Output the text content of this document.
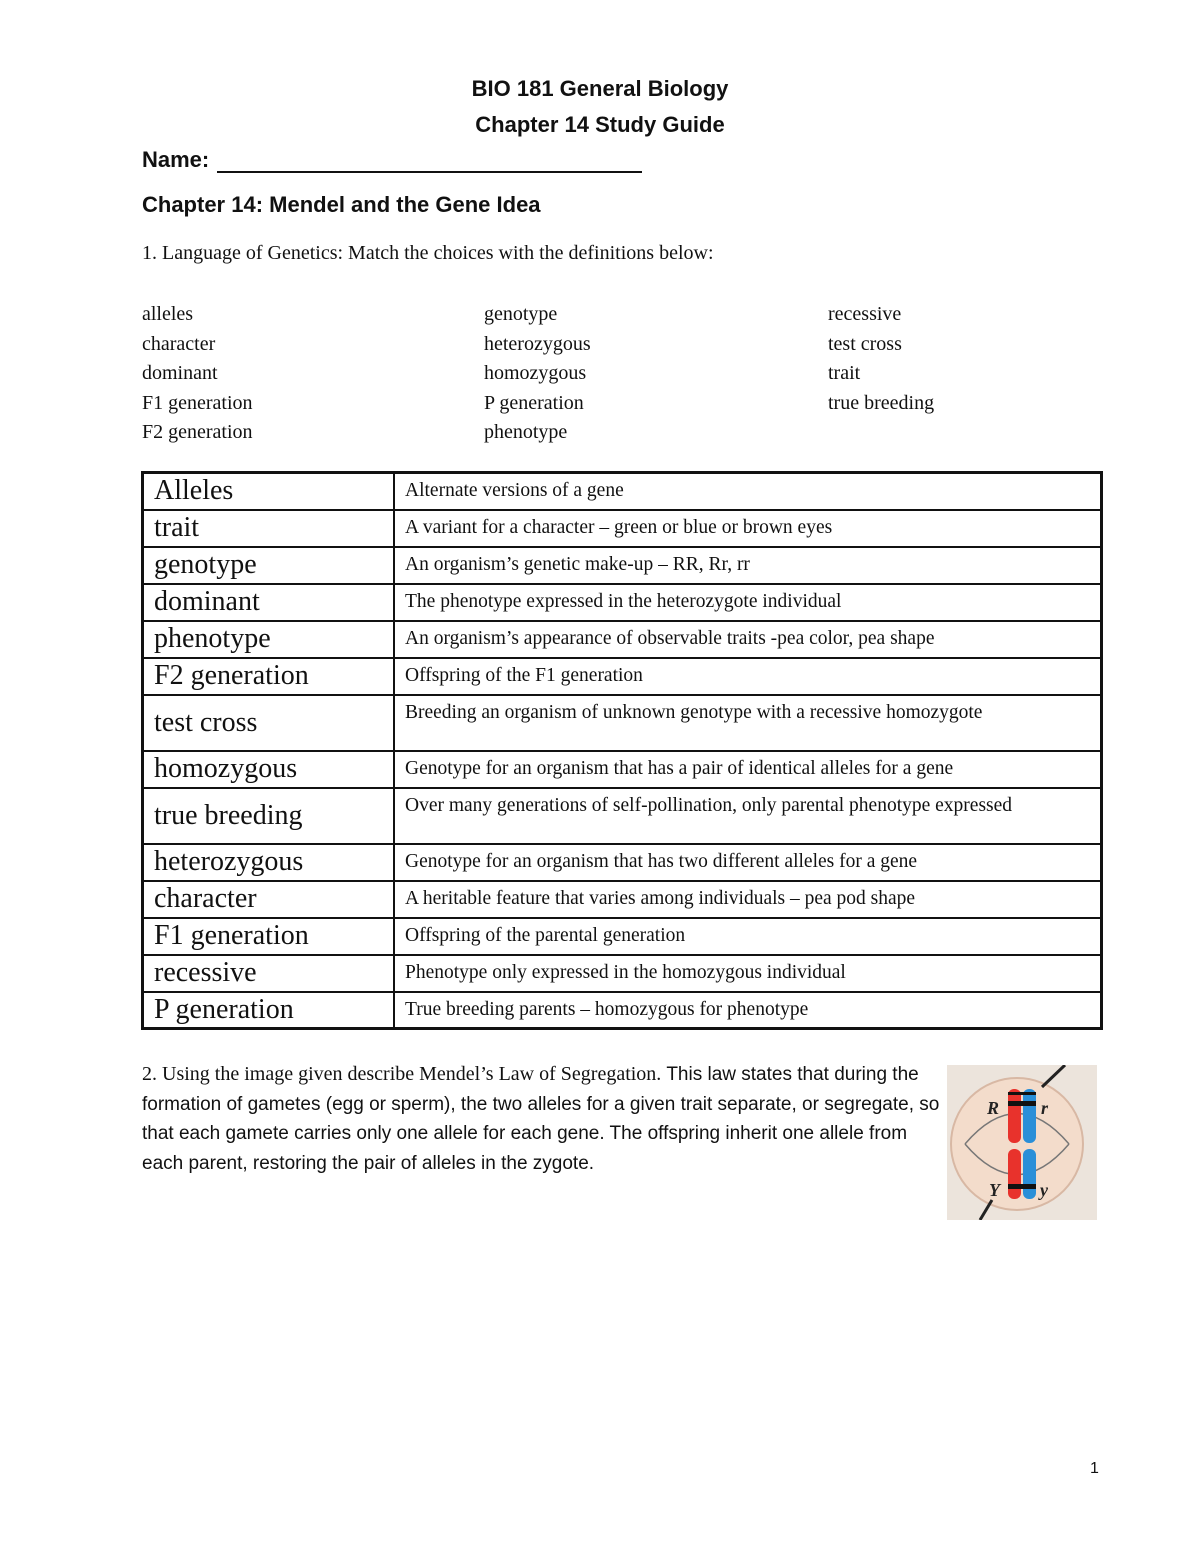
BIO 181 General Biology
Chapter 14 Study Guide
Name:
Chapter 14: Mendel and the Gene Idea
1. Language of Genetics: Match the choices with the definitions below:
alleles
character
dominant
F1 generation
F2 generation
genotype
heterozygous
homozygous
P generation
phenotype
recessive
test cross
trait
true breeding
Alleles	Alternate versions of a gene
trait	A variant for a character – green or blue or brown eyes
genotype	An organism’s genetic make-up – RR, Rr, rr
dominant	The phenotype expressed in the heterozygote individual
phenotype	An organism’s appearance of observable traits -pea color, pea shape
F2 generation	Offspring of the F1 generation
test cross	Breeding an organism of unknown genotype with a recessive homozygote
homozygous	Genotype for an organism that has a pair of identical alleles for a gene
true breeding	Over many generations of self-pollination, only parental phenotype expressed
heterozygous	Genotype for an organism that has two different alleles for a gene
character	A heritable feature that varies among individuals – pea pod shape
F1 generation	Offspring of the parental generation
recessive	Phenotype only expressed in the homozygous individual
P generation	True breeding parents – homozygous for phenotype
2. Using the image given describe Mendel’s Law of Segregation. This law states that during the formation of gametes (egg or sperm), the two alleles for a given trait separate, or segregate, so that each gamete carries only one allele for each gene. The offspring inherit one allele from each parent, restoring the pair of alleles in the zygote.
R r
Y y
1
